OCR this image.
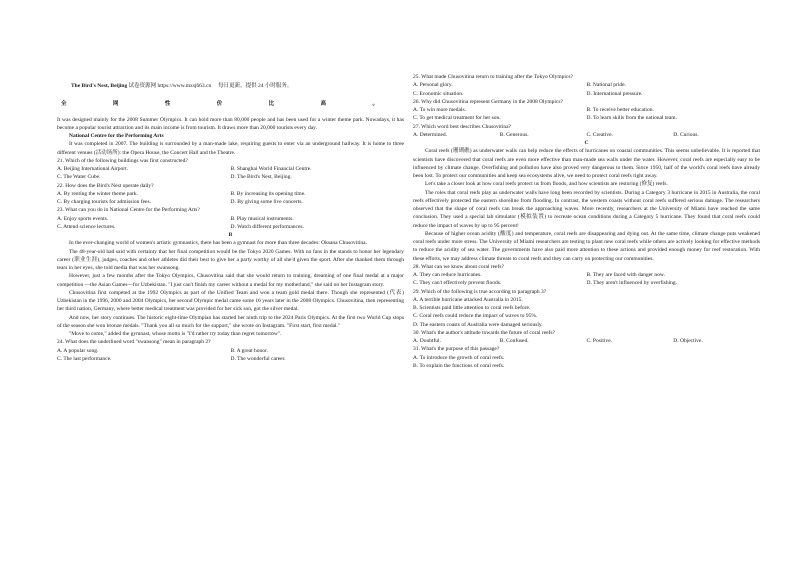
The Bird's Nest, Beijing 试卷资源网 https://www.mxsj663.cn 　每日更新，提供 24 小时服务。

全	网	性	价	比	高	。

It was designed mainly for the 2008 Summer Olympics. It can hold more than 80,000 people and has been used for a winter theme park. Nowadays, it has become a popular tourist attraction and its main income is from tourism. It draws more than 20,000 tourists every day.

National Centre for the Performing Arts

It was completed in 2007. The building is surrounded by a man-made lake, requiring guests to enter via an underground hallway. It is home to three different venues (活动场所): the Opera House, the Concert Hall and the Theatre.

21. Which of the following buildings was first constructed?

A. Beijing International Airport.	B. Shanghai World Financial Centre.
C. The Water Cube.	D. The Bird's Nest, Beijing.

22. How does the Bird's Nest operate daily?

A. By renting the winter theme park.	B. By increasing its opening time.
C. By charging tourists for admission fees.	D. By giving some live concerts.

23. What can you do in National Centre for the Performing Arts?

A. Enjoy sports events.	B. Play musical instruments.
C. Attend science lectures.	D. Watch different performances.

B

In the ever-changing world of women's artistic gymnastics, there has been a gymnast for more than three decades: Oksana Chusovitina.

The 48-year-old had said with certainty that her final competition would be the Tokyo 2020 Games. With no fans in the stands to honor her legendary career (职业生涯), judges, coaches and other athletes did their best to give her a party worthy of all she'd given the sport. After she thanked them through tears in her eyes, she told media that was her swansong.

However, just a few months after the Tokyo Olympics, Chusovitina said that she would return to training, dreaming of one final medal at a major competition —the Asian Games—for Uzbekistan. "I just can't finish my career without a medal for my motherland," she said on her Instagram story.

Chusovitina first competed at the 1992 Olympics as part of the Unified Team and won a team gold medal there. Though she represented (代表) Uzbekistan in the 1996, 2000 and 2004 Olympics, her second Olympic medal came some 16 years later in the 2008 Olympics. Chusovitina, then representing her third nation, Germany, where better medical treatment was provided for her sick son, got the silver medal.

And now, her story continues. The historic eight-time Olympian has started her ninth trip to the 2024 Paris Olympics. At the first two World Cup stops of the season she won bronze medals. "Thank you all so much for the support," she wrote on Instagram. "First start, first medal."

"Move to come," added the gymnast, whose motto is "I'd rather try today than regret tomorrow".

24. What does the underlined word "swansong" mean in paragraph 2?

A. A popular song.	B. A great honor.
C. The last performance.	D. The wonderful career.

25. What made Chusovitina return to training after the Tokyo Olympics?

A. Personal glory.	B. National pride.
C. Economic situation.	D. International pressure.

26. Why did Chusovitina represent Germany in the 2008 Olympics?

A. To win more medals.	B. To receive better education.
C. To get medical treatment for her son.	D. To learn skills from the national team.

27. Which word best describes Chusovitina?

A. Determined.	B. Generous.	C. Creative.	D. Curious.

C

Coral reefs (珊瑚礁) as underwater walls can help reduce the effects of hurricanes on coastal communities. This seems unbelievable. It is reported that scientists have discovered that coral reefs are even more effective than man-made sea walls under the water. However, coral reefs are especially easy to be influenced by climate change. Overfishing and pollution have also proved very dangerous to them. Since 1950, half of the world's coral reefs have already been lost. To protect our communities and keep sea ecosystems alive, we need to protect coral reefs right away.

Let's take a closer look at how coral reefs protect us from floods, and how scientists are restoring (修复) reefs.

The roles that coral reefs play as underwater walls have long been recorded by scientists. During a Category 3 hurricane in 2015 in Australia, the coral reefs effectively protected the eastern shoreline from flooding. In contrast, the western coasts without coral reefs suffered serious damage. The researchers observed that the shape of coral reefs can break the approaching waves. More recently, researchers at the University of Miami have reached the same conclusion. They used a special lab simulator (模拟装置) to recreate ocean conditions during a Category 5 hurricane. They found that coral reefs could reduce the impact of waves by up to 95 percent!

Because of higher ocean acidity (酸度) and temperature, coral reefs are disappearing and dying out. At the same time, climate change puts weakened coral reefs under more stress. The University of Miami researchers are testing to plant new coral reefs while others are actively looking for effective methods to reduce the acidity of sea water. The governments have also paid more attention to these actions and provided enough money for reef restoration. With these efforts, we may address climate threats to coral reefs and they can carry on protecting our communities.

28. What can we know about coral reefs?

A. They can reduce hurricanes.	B. They are faced with danger now.
C. They can't effectively prevent floods.	D. They aren't influenced by overfishing.

29. Which of the following is true according to paragraph 3?

A. A terrible hurricane attacked Australia in 2015.

B. Scientists paid little attention to coral reefs before.

C. Coral reefs could reduce the impact of waves to 95%.

D. The eastern coasts of Australia were damaged seriously.

30. What's the author's attitude towards the future of coral reefs?

A. Doubtful.	B. Confused.	C. Positive.	D. Objective.

31. What's the purpose of this passage?

A. To introduce the growth of coral reefs.

B. To explain the functions of coral reefs.
